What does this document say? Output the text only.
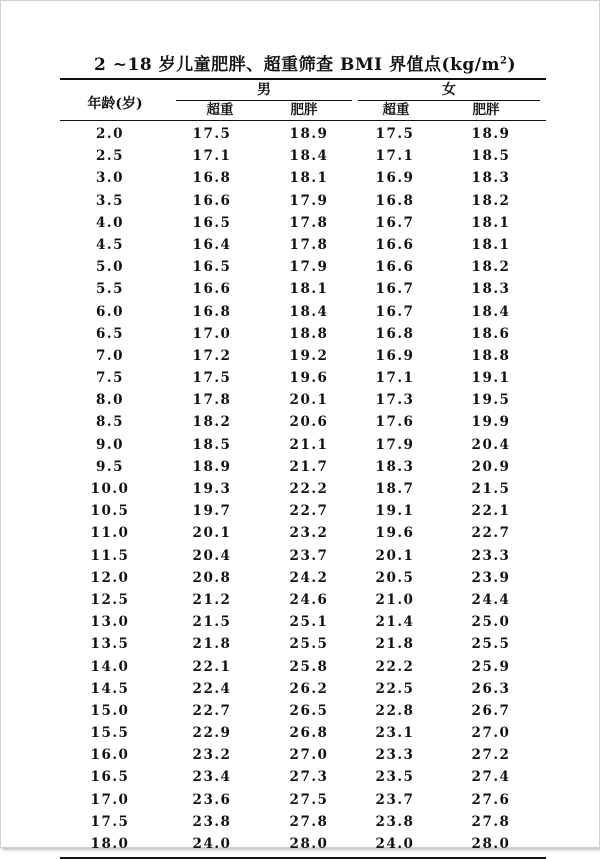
2 ~18 岁儿童肥胖、超重筛查 BMI 界值点$(kg/m^2)$
年龄(岁)
男	女
超重	肥胖	超重	肥胖
2.0	17.5	18.9	17.5	18.9
2.5	17.1	18.4	17.1	18.5
3.0	16.8	18.1	16.9	18.3
3.5	16.6	17.9	16.8	18.2
4.0	16.5	17.8	16.7	18.1
4.5	16.4	17.8	16.6	18.1
5.0	16.5	17.9	16.6	18.2
5.5	16.6	18.1	16.7	18.3
6.0	16.8	18.4	16.7	18.4
6.5	17.0	18.8	16.8	18.6
7.0	17.2	19.2	16.9	18.8
7.5	17.5	19.6	17.1	19.1
8.0	17.8	20.1	17.3	19.5
8.5	18.2	20.6	17.6	19.9
9.0	18.5	21.1	17.9	20.4
9.5	18.9	21.7	18.3	20.9
10.0	19.3	22.2	18.7	21.5
10.5	19.7	22.7	19.1	22.1
11.0	20.1	23.2	19.6	22.7
11.5	20.4	23.7	20.1	23.3
12.0	20.8	24.2	20.5	23.9
12.5	21.2	24.6	21.0	24.4
13.0	21.5	25.1	21.4	25.0
13.5	21.8	25.5	21.8	25.5
14.0	22.1	25.8	22.2	25.9
14.5	22.4	26.2	22.5	26.3
15.0	22.7	26.5	22.8	26.7
15.5	22.9	26.8	23.1	27.0
16.0	23.2	27.0	23.3	27.2
16.5	23.4	27.3	23.5	27.4
17.0	23.6	27.5	23.7	27.6
17.5	23.8	27.8	23.8	27.8
18.0	24.0	28.0	24.0	28.0
